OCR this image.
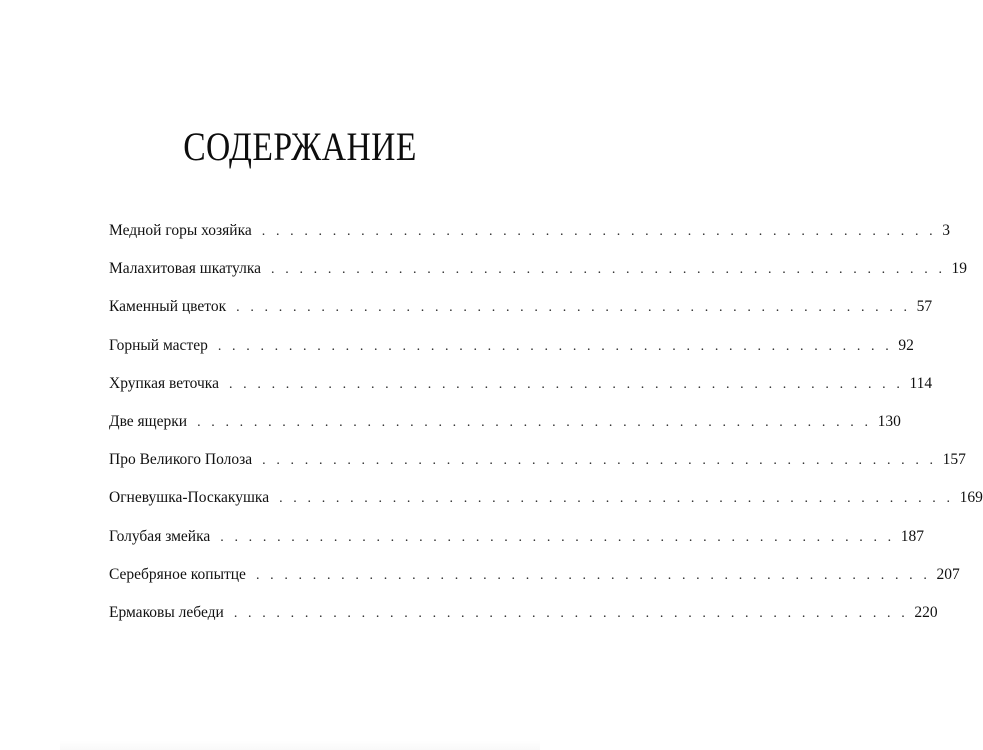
СОДЕРЖАНИЕ
Медной горы хозяйка . . . . . . . . . . . . . . . . . . . . . . . . . . . . . . . . . . . . . . . . . . . . . . . . 3
Малахитовая шкатулка . . . . . . . . . . . . . . . . . . . . . . . . . . . . . . . . . . . . . . . . . . . . . . . . 19
Каменный цветок . . . . . . . . . . . . . . . . . . . . . . . . . . . . . . . . . . . . . . . . . . . . . . . . 57
Горный мастер . . . . . . . . . . . . . . . . . . . . . . . . . . . . . . . . . . . . . . . . . . . . . . . . 92
Хрупкая веточка . . . . . . . . . . . . . . . . . . . . . . . . . . . . . . . . . . . . . . . . . . . . . . . . 114
Две ящерки . . . . . . . . . . . . . . . . . . . . . . . . . . . . . . . . . . . . . . . . . . . . . . . . 130
Про Великого Полоза . . . . . . . . . . . . . . . . . . . . . . . . . . . . . . . . . . . . . . . . . . . . . . . . 157
Огневушка-Поскакушка . . . . . . . . . . . . . . . . . . . . . . . . . . . . . . . . . . . . . . . . . . . . . . . . 169
Голубая змейка . . . . . . . . . . . . . . . . . . . . . . . . . . . . . . . . . . . . . . . . . . . . . . . . 187
Серебряное копытце . . . . . . . . . . . . . . . . . . . . . . . . . . . . . . . . . . . . . . . . . . . . . . . . 207
Ермаковы лебеди . . . . . . . . . . . . . . . . . . . . . . . . . . . . . . . . . . . . . . . . . . . . . . . . 220
